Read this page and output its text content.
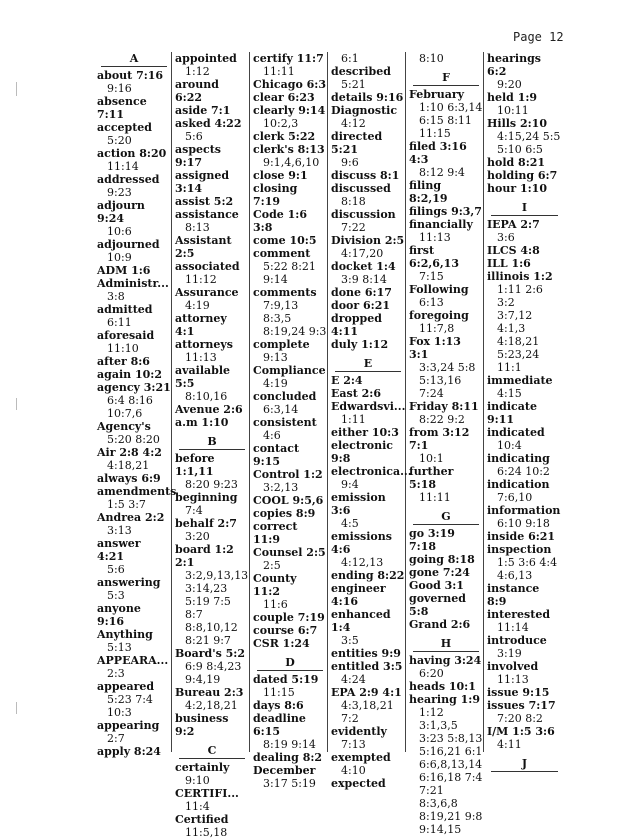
Page 12
A
about 7:16
9:16
absence 7:11
accepted
5:20
action 8:20
11:14
addressed
9:23
adjourn 9:24
10:6
adjourned
10:9
ADM 1:6
Administr...
3:8
admitted
6:11
aforesaid
11:10
after 8:6
again 10:2
agency 3:21
6:4 8:16
10:7,6
Agency's
5:20 8:20
Air 2:8 4:2
4:18,21
always 6:9
amendments
1:5 3:7
Andrea 2:2
3:13
answer 4:21
5:6
answering
5:3
anyone 9:16
Anything
5:13
APPEARA...
2:3
appeared
5:23 7:4
10:3
appearing
2:7
apply 8:24
appointed
1:12
around 6:22
aside 7:1
asked 4:22
5:6
aspects 9:17
assigned 3:14
assist 5:2
assistance
8:13
Assistant 2:5
associated
11:12
Assurance
4:19
attorney 4:1
attorneys
11:13
available 5:5
8:10,16
Avenue 2:6
a.m 1:10
B
before 1:1,11
8:20 9:23
beginning
7:4
behalf 2:7
3:20
board 1:2 2:1
3:2,9,13,13
3:14,23
5:19 7:5 8:7
8:8,10,12
8:21 9:7
Board's 5:2
6:9 8:4,23
9:4,19
Bureau 2:3
4:2,18,21
business 9:2
C
certainly
9:10
CERTIFI...
11:4
Certified
11:5,18
certify 11:7
11:11
Chicago 6:3
clear 6:23
clearly 9:14
10:2,3
clerk 5:22
clerk's 8:13
9:1,4,6,10
close 9:1
closing 7:19
Code 1:6 3:8
come 10:5
comment
5:22 8:21
9:14
comments
7:9,13 8:3,5
8:19,24 9:3
complete
9:13
Compliance
4:19
concluded
6:3,14
consistent
4:6
contact 9:15
Control 1:2
3:2,13
COOL 9:5,6
copies 8:9
correct 11:9
Counsel 2:5
2:5
County 11:2
11:6
couple 7:19
course 6:7
CSR 1:24
D
dated 5:19
11:15
days 8:6
deadline 6:15
8:19 9:14
dealing 8:2
December
3:17 5:19
6:1
described
5:21
details 9:16
Diagnostic
4:12
directed 5:21
9:6
discuss 8:1
discussed
8:18
discussion
7:22
Division 2:5
4:17,20
docket 1:4
3:9 8:14
done 6:17
door 6:21
dropped 4:11
duly 1:12
E
E 2:4
East 2:6
Edwardsvi...
1:11
either 10:3
electronic 9:8
electronica...
9:4
emission 3:6
4:5
emissions 4:6
4:12,13
ending 8:22
engineer 4:16
enhanced 1:4
3:5
entities 9:9
entitled 3:5
4:24
EPA 2:9 4:1
4:3,18,21
7:2
evidently
7:13
exempted
4:10
expected
8:10
F
February
1:10 6:3,14
6:15 8:11
11:15
filed 3:16 4:3
8:12 9:4
filing 8:2,19
filings 9:3,7
financially
11:13
first 6:2,6,13
7:15
Following
6:13
foregoing
11:7,8
Fox 1:13 3:1
3:3,24 5:8
5:13,16
7:24
Friday 8:11
8:22 9:2
from 3:12 7:1
10:1
further 5:18
11:11
G
go 3:19 7:18
going 8:18
gone 7:24
Good 3:1
governed 5:8
Grand 2:6
H
having 3:24
6:20
heads 10:1
hearing 1:9
1:12 3:1,3,5
3:23 5:8,13
5:16,21 6:1
6:6,8,13,14
6:16,18 7:4
7:21 8:3,6,8
8:19,21 9:8
9:14,15
hearings 6:2
9:20
held 1:9
10:11
Hills 2:10
4:15,24 5:5
5:10 6:5
hold 8:21
holding 6:7
hour 1:10
I
IEPA 2:7
3:6
ILCS 4:8
ILL 1:6
illinois 1:2
1:11 2:6 3:2
3:7,12 4:1,3
4:18,21
5:23,24
11:1
immediate
4:15
indicate 9:11
indicated
10:4
indicating
6:24 10:2
indication
7:6,10
information
6:10 9:18
inside 6:21
inspection
1:5 3:6 4:4
4:6,13
instance 8:9
interested
11:14
introduce
3:19
involved
11:13
issue 9:15
issues 7:17
7:20 8:2
I/M 1:5 3:6
4:11
J
